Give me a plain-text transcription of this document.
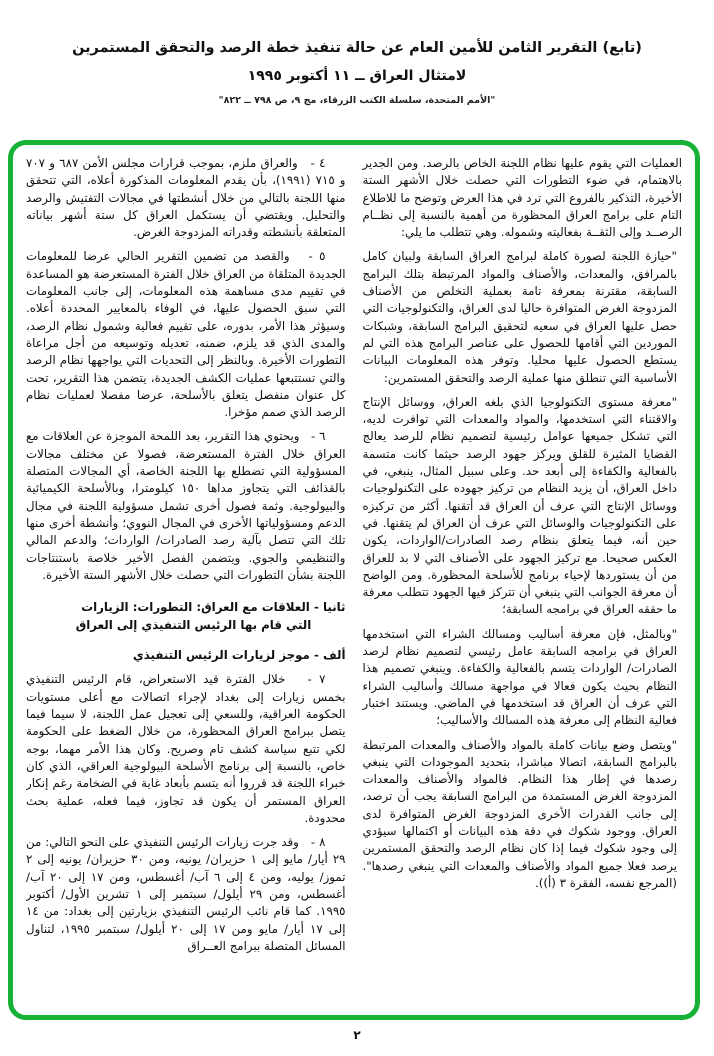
(تابع) التقرير الثامن للأمين العام عن حالة تنفيذ خطة الرصد والتحقق المستمرين
لامتثال العراق ــ ١١ أكتوبر ١٩٩٥
"الأمم المتحدة، سلسلة الكتب الزرقاء، مج ٩، ص ٧٩٨ ــ ٨٢٢"

العمليات التي يقوم عليها نظام اللجنة الخاص بالرصد. ومن الجدير بالاهتمام، في ضوء التطورات التي حصلت خلال الأشهر الستة الأخيرة، التذكير بالفروع التي ترد في هذا العرض وتوضح ما للاطلاع التام على برامج العراق المحظورة من أهمية بالنسبة إلى نظــام الرصــد وإلى الثقــة بفعاليته وشموله. وهي تتطلب ما يلي:

"حيازة اللجنة لصورة كاملة لبرامج العراق السابقة ولبيان كامل بالمرافق، والمعدات، والأصناف والمواد المرتبطة بتلك البرامج السابقة، مقترنة بمعرفة تامة بعملية التخلص من الأصناف المزدوجة الغرض المتوافرة حاليا لدى العراق، والتكنولوجيات التي حصل عليها العراق في سعيه لتحقيق البرامج السابقة، وشبكات الموردين التي أقامها للحصول على عناصر البرامج هذه التي لم يستطع الحصول عليها محليا. وتوفر هذه المعلومات البيانات الأساسية التي تنطلق منها عملية الرصد والتحقق المستمرين:

"معرفة مستوى التكنولوجيا الذي بلغه العراق، ووسائل الإنتاج والاقتناء التي استخدمها، والمواد والمعدات التي توافرت لديه، التي تشكل جميعها عوامل رئيسية لتصميم نظام للرصد يعالج القضايا المثيرة للقلق ويركز جهود الرصد حيثما كانت متسمة بالفعالية والكفاءة إلى أبعد حد. وعلى سبيل المثال، ينبغي، في داخل العراق، أن يزيد النظام من تركيز جهوده على التكنولوجيات ووسائل الإنتاج التي عرف أن العراق قد أتقنها. أكثر من تركيزه على التكنولوجيات والوسائل التي عرف أن العراق لم يتقنها. في حين أنه، فيما يتعلق بنظام رصد الصادرات/الواردات، يكون العكس صحيحا. مع تركيز الجهود على الأصناف التي لا بد للعراق من أن يستوردها لإحياء برنامج للأسلحة المحظورة. ومن الواضح أن معرفة الجوانب التي ينبغي أن تتركز فيها الجهود تتطلب معرفة ما حققه العراق في برامجه السابقة؛

"وبالمثل، فإن معرفة أساليب ومسالك الشراء التي استخدمها العراق في برامجه السابقة عامل رئيسي لتصميم نظام لرصد الصادرات/ الواردات يتسم بالفعالية والكفاءة. وينبغي تصميم هذا النظام بحيث يكون فعالا في مواجهة مسالك وأساليب الشراء التي عرف أن العراق قد استخدمها في الماضي. ويستند اختبار فعالية النظام إلى معرفة هذه المسالك والأساليب؛

"ويتصل وضع بيانات كاملة بالمواد والأصناف والمعدات المرتبطة بالبرامج السابقة، اتصالا مباشرا، بتحديد الموجودات التي ينبغي رصدها في إطار هذا النظام. فالمواد والأصناف والمعدات المزدوجة الغرض المستمدة من البرامج السابقة يجب أن ترصد، إلى جانب القدرات الأخرى المزدوجة الغرض المتوافرة لدى العراق. ووجود شكوك في دقة هذه البيانات أو اكتمالها سيؤدي إلى وجود شكوك فيما إذا كان نظام الرصد والتحقق المستمرين يرصد فعلا جميع المواد والأصناف والمعدات التي ينبغي رصدها". (المرجع نفسه، الفقرة ٣ (أ)).

٤ -   والعراق ملزم، بموجب قرارات مجلس الأمن ٦٨٧ و ٧٠٧ و ٧١٥ (١٩٩١)، بأن يقدم المعلومات المذكورة أعلاه، التي تتحقق منها اللجنة بالتالي من خلال أنشطتها في مجالات التفتيش والرصد والتحليل. ويقتضي أن يستكمل العراق كل ستة أشهر بياناته المتعلقة بأنشطته وقدراته المزدوجة الغرض.

٥ -   والقصد من تضمين التقرير الحالي عرضا للمعلومات الجديدة المتلقاة من العراق خلال الفترة المستعرضة هو المساعدة في تقييم مدى مساهمة هذه المعلومات، إلى جانب المعلومات التي سبق الحصول عليها، في الوفاء بالمعايير المحددة أعلاه. وسيؤثر هذا الأمر، بدوره، على تقييم فعالية وشمول نظام الرصد، والمدى الذي قد يلزم، ضمنه، تعديله وتوسيعه من أجل مراعاة التطورات الأخيرة. وبالنظر إلى التحديات التي يواجهها نظام الرصد والتي تستتبعها عمليات الكشف الجديدة، يتضمن هذا التقرير، تحت كل عنوان منفصل يتعلق بالأسلحة، عرضا مفصلا لعمليات نظام الرصد الذي صمم مؤخرا.

٦ -   ويحتوي هذا التقرير، بعد اللمحة الموجزة عن العلاقات مع العراق خلال الفترة المستعرضة، فصولا عن مختلف مجالات المسؤولية التي تضطلع بها اللجنة الخاصة، أي المجالات المتصلة بالقذائف التي يتجاوز مداها ١٥٠ كيلومترا، وبالأسلحة الكيميائية والبيولوجية. وثمة فصول أخرى تشمل مسؤولية اللجنة في مجال الدعم ومسؤولياتها الأخرى في المجال النووي؛ وأنشطة أخرى منها تلك التي تتصل بآلية رصد الصادرات/ الواردات؛ والدعم المالي والتنظيمي والجوي. ويتضمن الفصل الأخير خلاصة باستنتاجات اللجنة بشأن التطورات التي حصلت خلال الأشهر الستة الأخيرة.

ثانيا - العلاقات مع العراق: التطورات: الزيارات

التي قام بها الرئيس التنفيذي إلى العراق

ألف - موجز لزيارات الرئيس التنفيذي

٧ -   خلال الفترة قيد الاستعراض، قام الرئيس التنفيذي بخمس زيارات إلى بغداد لإجراء اتصالات مع أعلى مستويات الحكومة العراقية، وللسعي إلى تعجيل عمل اللجنة، لا سيما فيما يتصل ببرامج العراق المحظورة، من خلال الضغط على الحكومة لكي تتبع سياسة كشف تام وصريح. وكان هذا الأمر مهما، بوجه خاص، بالنسبة إلى برنامج الأسلحة البيولوجية العراقي، الذي كان خبراء اللجنة قد قرروا أنه يتسم بأبعاد غاية في الضخامة رغم إنكار العراق المستمر أن يكون قد تجاوز، فيما فعله، عملية بحث محدودة.

٨ -   وقد جرت زيارات الرئيس التنفيذي على النحو التالي: من ٢٩ أيار/ مايو إلى ١ حزيران/ يونيه، ومن ٣٠ حزيران/ يونيه إلى ٢ تموز/ يوليه، ومن ٤ إلى ٦ آب/ أغسطس، ومن ١٧ إلى ٢٠ آب/ أغسطس، ومن ٢٩ أيلول/ سبتمبر إلى ١ تشرين الأول/ أكتوبر ١٩٩٥. كما قام نائب الرئيس التنفيذي بزيارتين إلى بغداد: من ١٤ إلى ١٧ أيار/ مايو ومن ١٧ إلى ٢٠ أيلول/ سبتمبر ١٩٩٥، لتناول المسائل المتصلة ببرامج العــراق

٢
